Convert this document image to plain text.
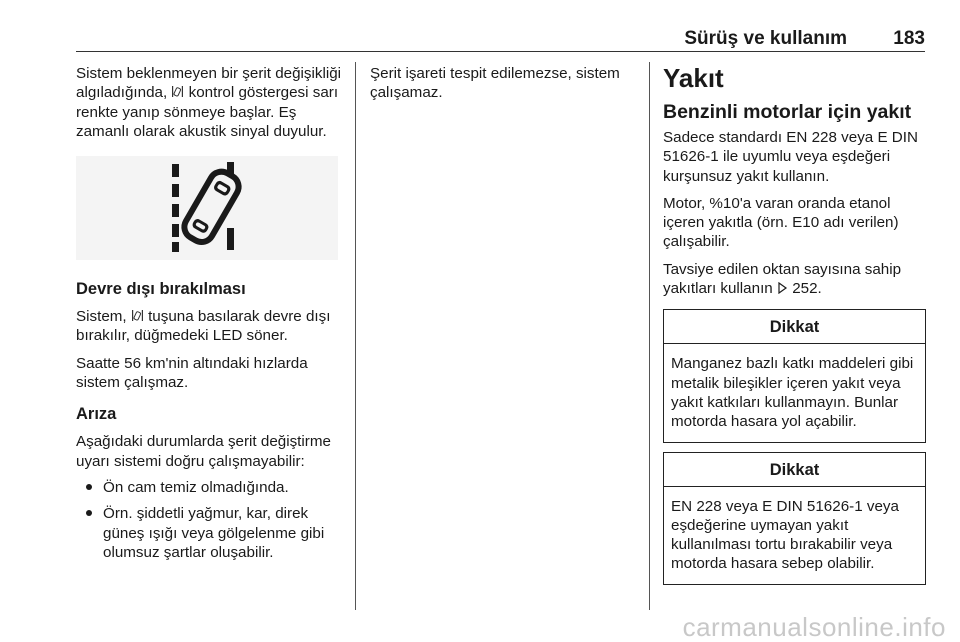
Sürüş ve kullanım 183

Sistem beklenmeyen bir şerit değişikliği algıladığında,  kontrol göstergesi sarı renkte yanıp sönmeye başlar. Eş zamanlı olarak akustik sinyal duyulur.

Devre dışı bırakılması

Sistem,  tuşuna basılarak devre dışı bırakılır, düğmedeki LED söner.

Saatte 56 km'nin altındaki hızlarda sistem çalışmaz.

Arıza

Aşağıdaki durumlarda şerit değiştirme uyarı sistemi doğru çalışmayabilir:

Ön cam temiz olmadığında.
Örn. şiddetli yağmur, kar, direk güneş ışığı veya gölgelenme gibi olumsuz şartlar oluşabilir.

Şerit işareti tespit edilemezse, sistem çalışamaz.	Yakıt
Benzinli motorlar için yakıt

Sadece standardı EN 228 veya E DIN 51626-1 ile uyumlu veya eşdeğeri kurşunsuz yakıt kullanın.

Motor, %10'a varan oranda etanol içeren yakıtla (örn. E10 adı verilen) çalışabilir.

Tavsiye edilen oktan sayısına sahip yakıtları kullanın  252.

Dikkat
Manganez bazlı katkı maddeleri gibi metalik bileşikler içeren yakıt veya yakıt katkıları kullanmayın. Bunlar motorda hasara yol açabilir.
Dikkat
EN 228 veya E DIN 51626-1 veya eşdeğerine uymayan yakıt kullanılması tortu bırakabilir veya motorda hasara sebep olabilir.
carmanualsonline.info
